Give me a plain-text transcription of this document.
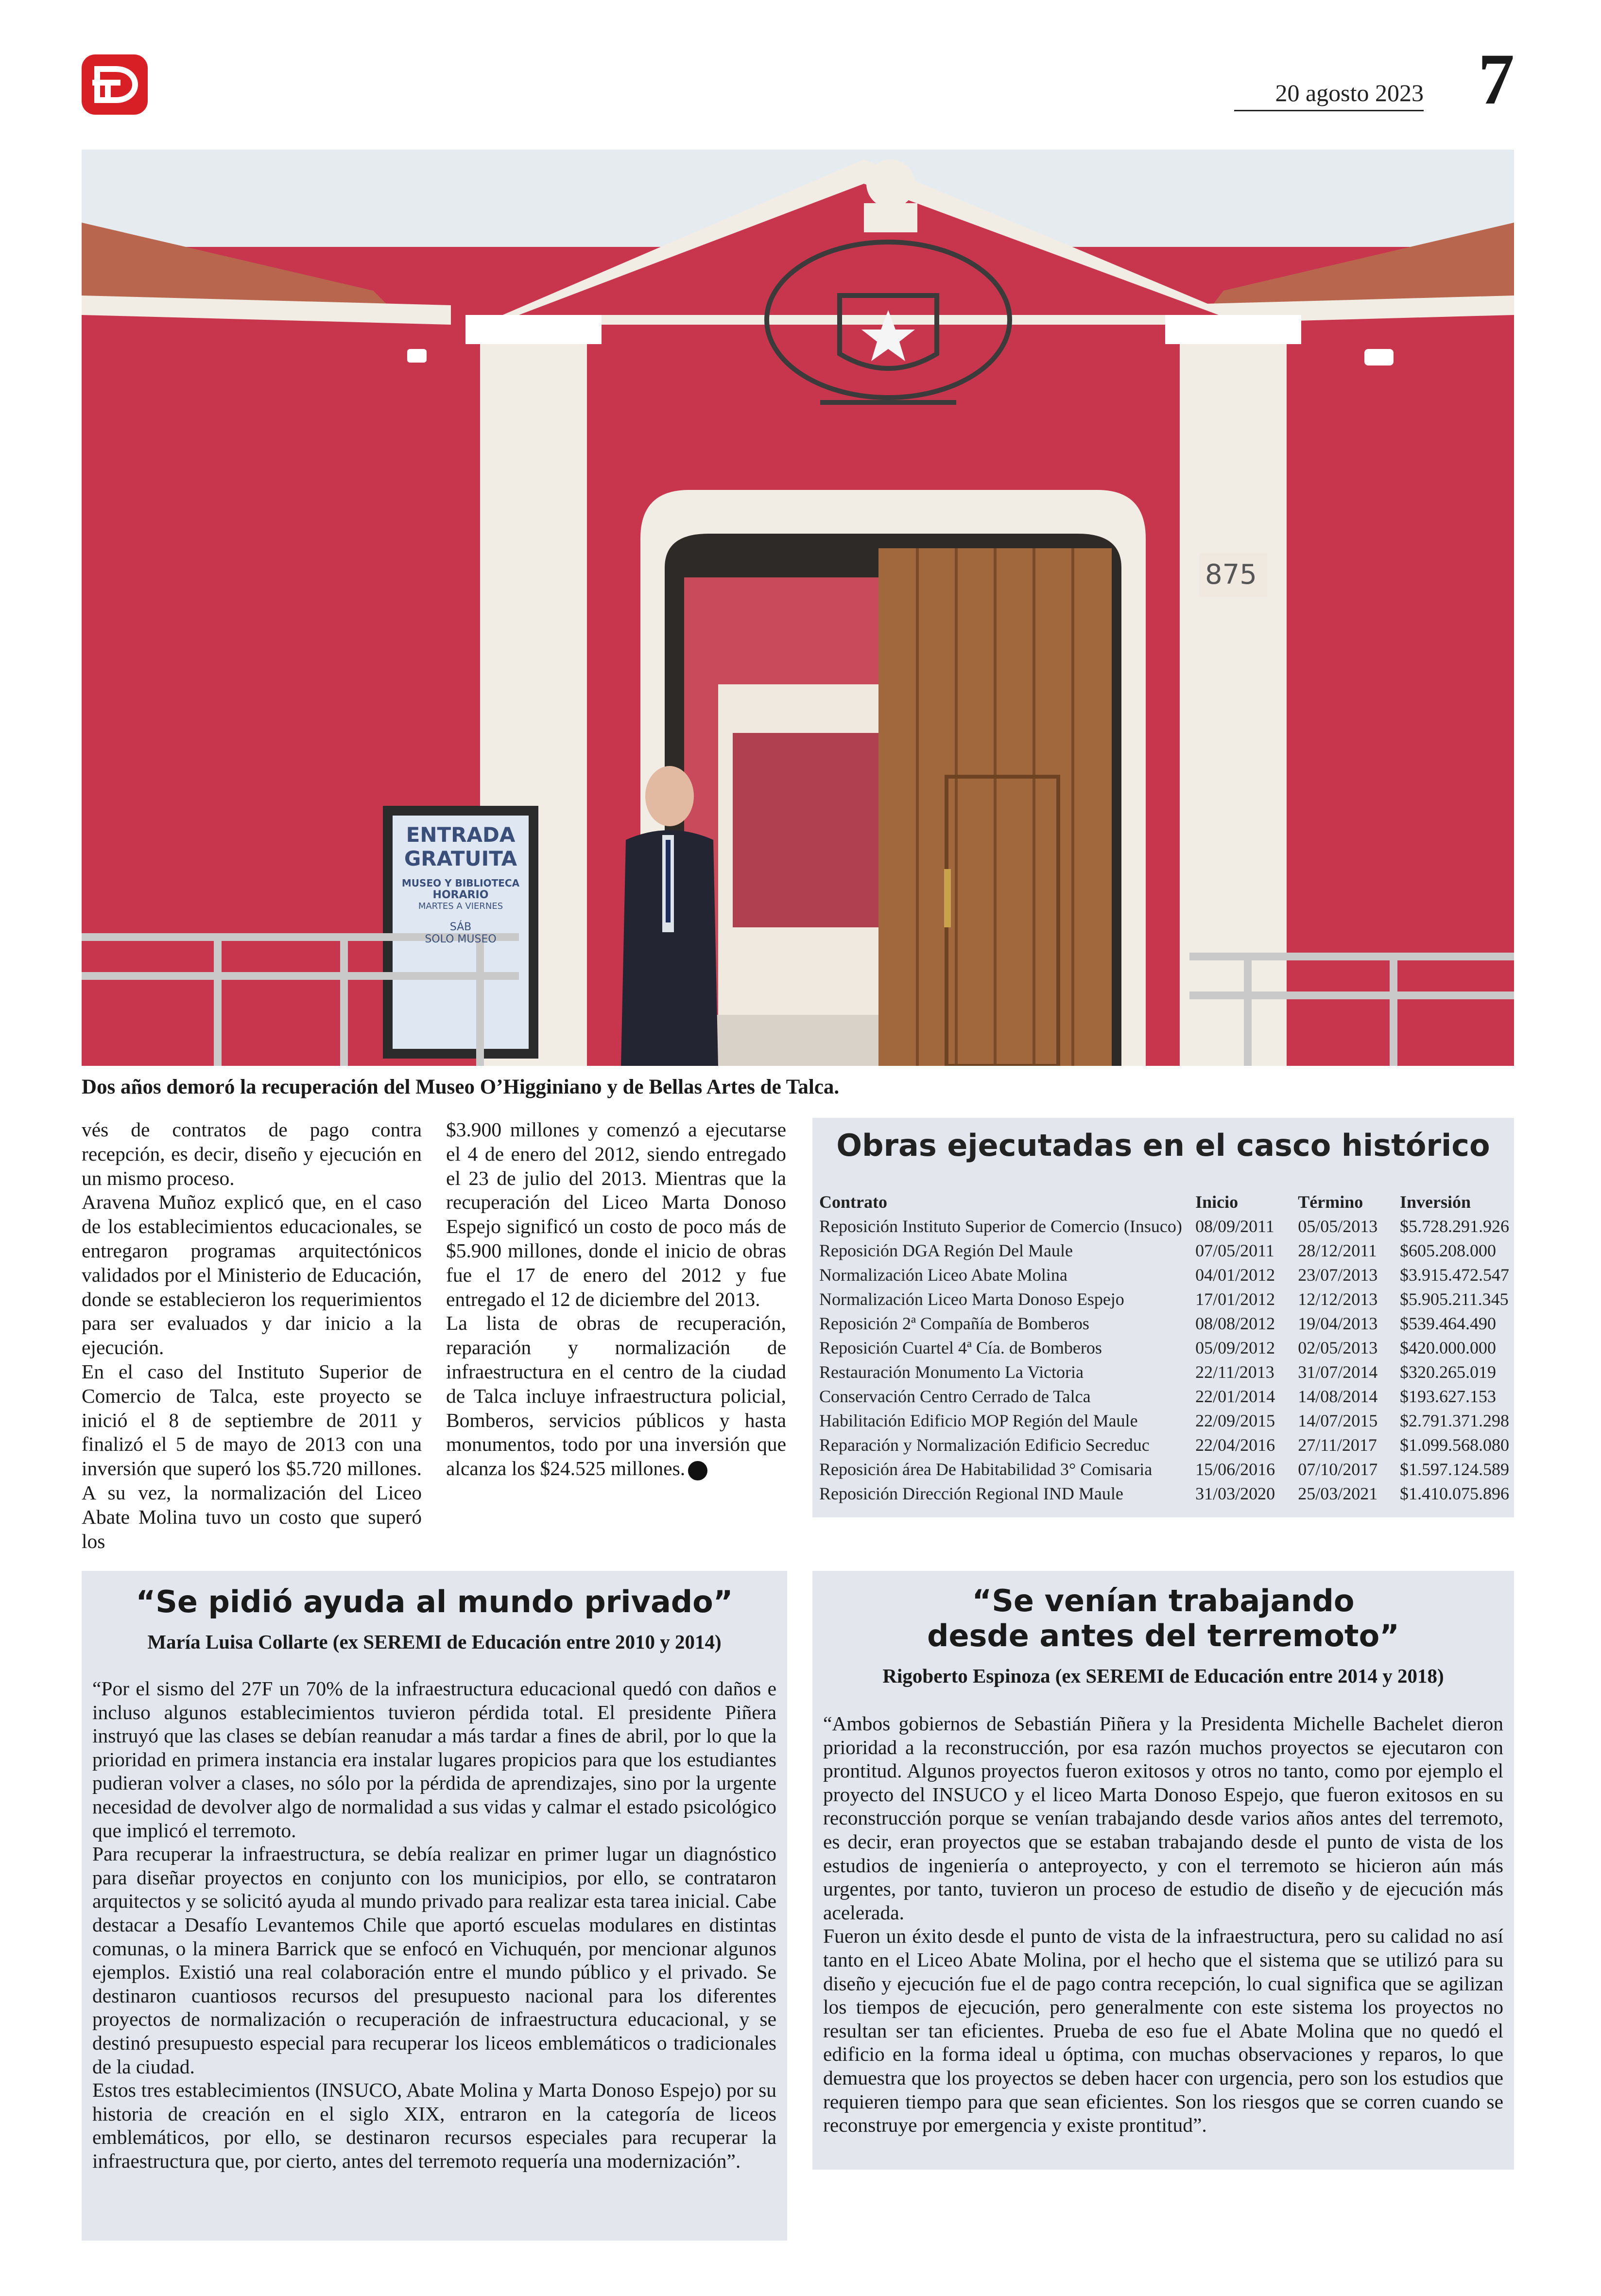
20 agosto 2023 7
875
ENTRADA
GRATUITA
MUSEO Y BIBLIOTECA
HORARIO
MARTES A VIERNES
SÁB
SOLO MUSEO
Dos años demoró la recuperación del Museo O’Higginiano y de Bellas Artes de Talca.

vés de contratos de pago contra recepción, es decir, diseño y ejecución en un mismo proceso.

Aravena Muñoz explicó que, en el caso de los establecimientos educacionales, se entregaron programas arquitectónicos validados por el Ministerio de Educación, donde se establecieron los requerimientos para ser evaluados y dar inicio a la ejecución.

En el caso del Instituto Superior de Comercio de Talca, este proyecto se inició el 8 de septiembre de 2011 y finalizó el 5 de mayo de 2013 con una inversión que superó los $5.720 millones. A su vez, la normalización del Liceo Abate Molina tuvo un costo que superó los

$3.900 millones y comenzó a ejecutarse el 4 de enero del 2012, siendo entregado el 23 de julio del 2013. Mientras que la recuperación del Liceo Marta Donoso Espejo significó un costo de poco más de $5.900 millones, donde el inicio de obras fue el 17 de enero del 2012 y fue entregado el 12 de diciembre del 2013.

La lista de obras de recuperación, reparación y normalización de infraestructura en el centro de la ciudad de Talca incluye infraestructura policial, Bomberos, servicios públicos y hasta monumentos, todo por una inversión que alcanza los $24.525 millones.

Obras ejecutadas en el casco histórico
Contrato	Inicio	Término	Inversión
Reposición Instituto Superior de Comercio (Insuco)	08/09/2011	05/05/2013	$5.728.291.926
Reposición DGA Región Del Maule	07/05/2011	28/12/2011	$605.208.000
Normalización Liceo Abate Molina	04/01/2012	23/07/2013	$3.915.472.547
Normalización Liceo Marta Donoso Espejo	17/01/2012	12/12/2013	$5.905.211.345
Reposición 2ª Compañía de Bomberos	08/08/2012	19/04/2013	$539.464.490
Reposición Cuartel 4ª Cía. de Bomberos	05/09/2012	02/05/2013	$420.000.000
Restauración Monumento La Victoria	22/11/2013	31/07/2014	$320.265.019
Conservación Centro Cerrado de Talca	22/01/2014	14/08/2014	$193.627.153
Habilitación Edificio MOP Región del Maule	22/09/2015	14/07/2015	$2.791.371.298
Reparación y Normalización Edificio Secreduc	22/04/2016	27/11/2017	$1.099.568.080
Reposición área De Habitabilidad 3° Comisaria	15/06/2016	07/10/2017	$1.597.124.589
Reposición Dirección Regional IND Maule	31/03/2020	25/03/2021	$1.410.075.896
“Se pidió ayuda al mundo privado”
María Luisa Collarte (ex SEREMI de Educación entre 2010 y 2014)

“Por el sismo del 27F un 70% de la infraestructura educacional quedó con daños e incluso algunos establecimientos tuvieron pérdida total. El presidente Piñera instruyó que las clases se debían reanudar a más tardar a fines de abril, por lo que la prioridad en primera instancia era instalar lugares propicios para que los estudiantes pudieran volver a clases, no sólo por la pérdida de aprendizajes, sino por la urgente necesidad de devolver algo de normalidad a sus vidas y calmar el estado psicológico que implicó el terremoto.

Para recuperar la infraestructura, se debía realizar en primer lugar un diagnóstico para diseñar proyectos en conjunto con los municipios, por ello, se contrataron arquitectos y se solicitó ayuda al mundo privado para realizar esta tarea inicial. Cabe destacar a Desafío Levantemos Chile que aportó escuelas modulares en distintas comunas, o la minera Barrick que se enfocó en Vichuquén, por mencionar algunos ejemplos. Existió una real colaboración entre el mundo público y el privado. Se destinaron cuantiosos recursos del presupuesto nacional para los diferentes proyectos de normalización o recuperación de infraestructura educacional, y se destinó presupuesto especial para recuperar los liceos emblemáticos o tradicionales de la ciudad.

Estos tres establecimientos (INSUCO, Abate Molina y Marta Donoso Espejo) por su historia de creación en el siglo XIX, entraron en la categoría de liceos emblemáticos, por ello, se destinaron recursos especiales para recuperar la infraestructura que, por cierto, antes del terremoto requería una modernización”.

“Se venían trabajando
desde antes del terremoto”
Rigoberto Espinoza (ex SEREMI de Educación entre 2014 y 2018)

“Ambos gobiernos de Sebastián Piñera y la Presidenta Michelle Bachelet dieron prioridad a la reconstrucción, por esa razón muchos proyectos se ejecutaron con prontitud. Algunos proyectos fueron exitosos y otros no tanto, como por ejemplo el proyecto del INSUCO y el liceo Marta Donoso Espejo, que fueron exitosos en su reconstrucción porque se venían trabajando desde varios años antes del terremoto, es decir, eran proyectos que se estaban trabajando desde el punto de vista de los estudios de ingeniería o anteproyecto, y con el terremoto se hicieron aún más urgentes, por tanto, tuvieron un proceso de estudio de diseño y de ejecución más acelerada.

Fueron un éxito desde el punto de vista de la infraestructura, pero su calidad no así tanto en el Liceo Abate Molina, por el hecho que el sistema que se utilizó para su diseño y ejecución fue el de pago contra recepción, lo cual significa que se agilizan los tiempos de ejecución, pero generalmente con este sistema los proyectos no resultan ser tan eficientes. Prueba de eso fue el Abate Molina que no quedó el edificio en la forma ideal u óptima, con muchas observaciones y reparos, lo que demuestra que los proyectos se deben hacer con urgencia, pero son los estudios que requieren tiempo para que sean eficientes. Son los riesgos que se corren cuando se reconstruye por emergencia y existe prontitud”.
